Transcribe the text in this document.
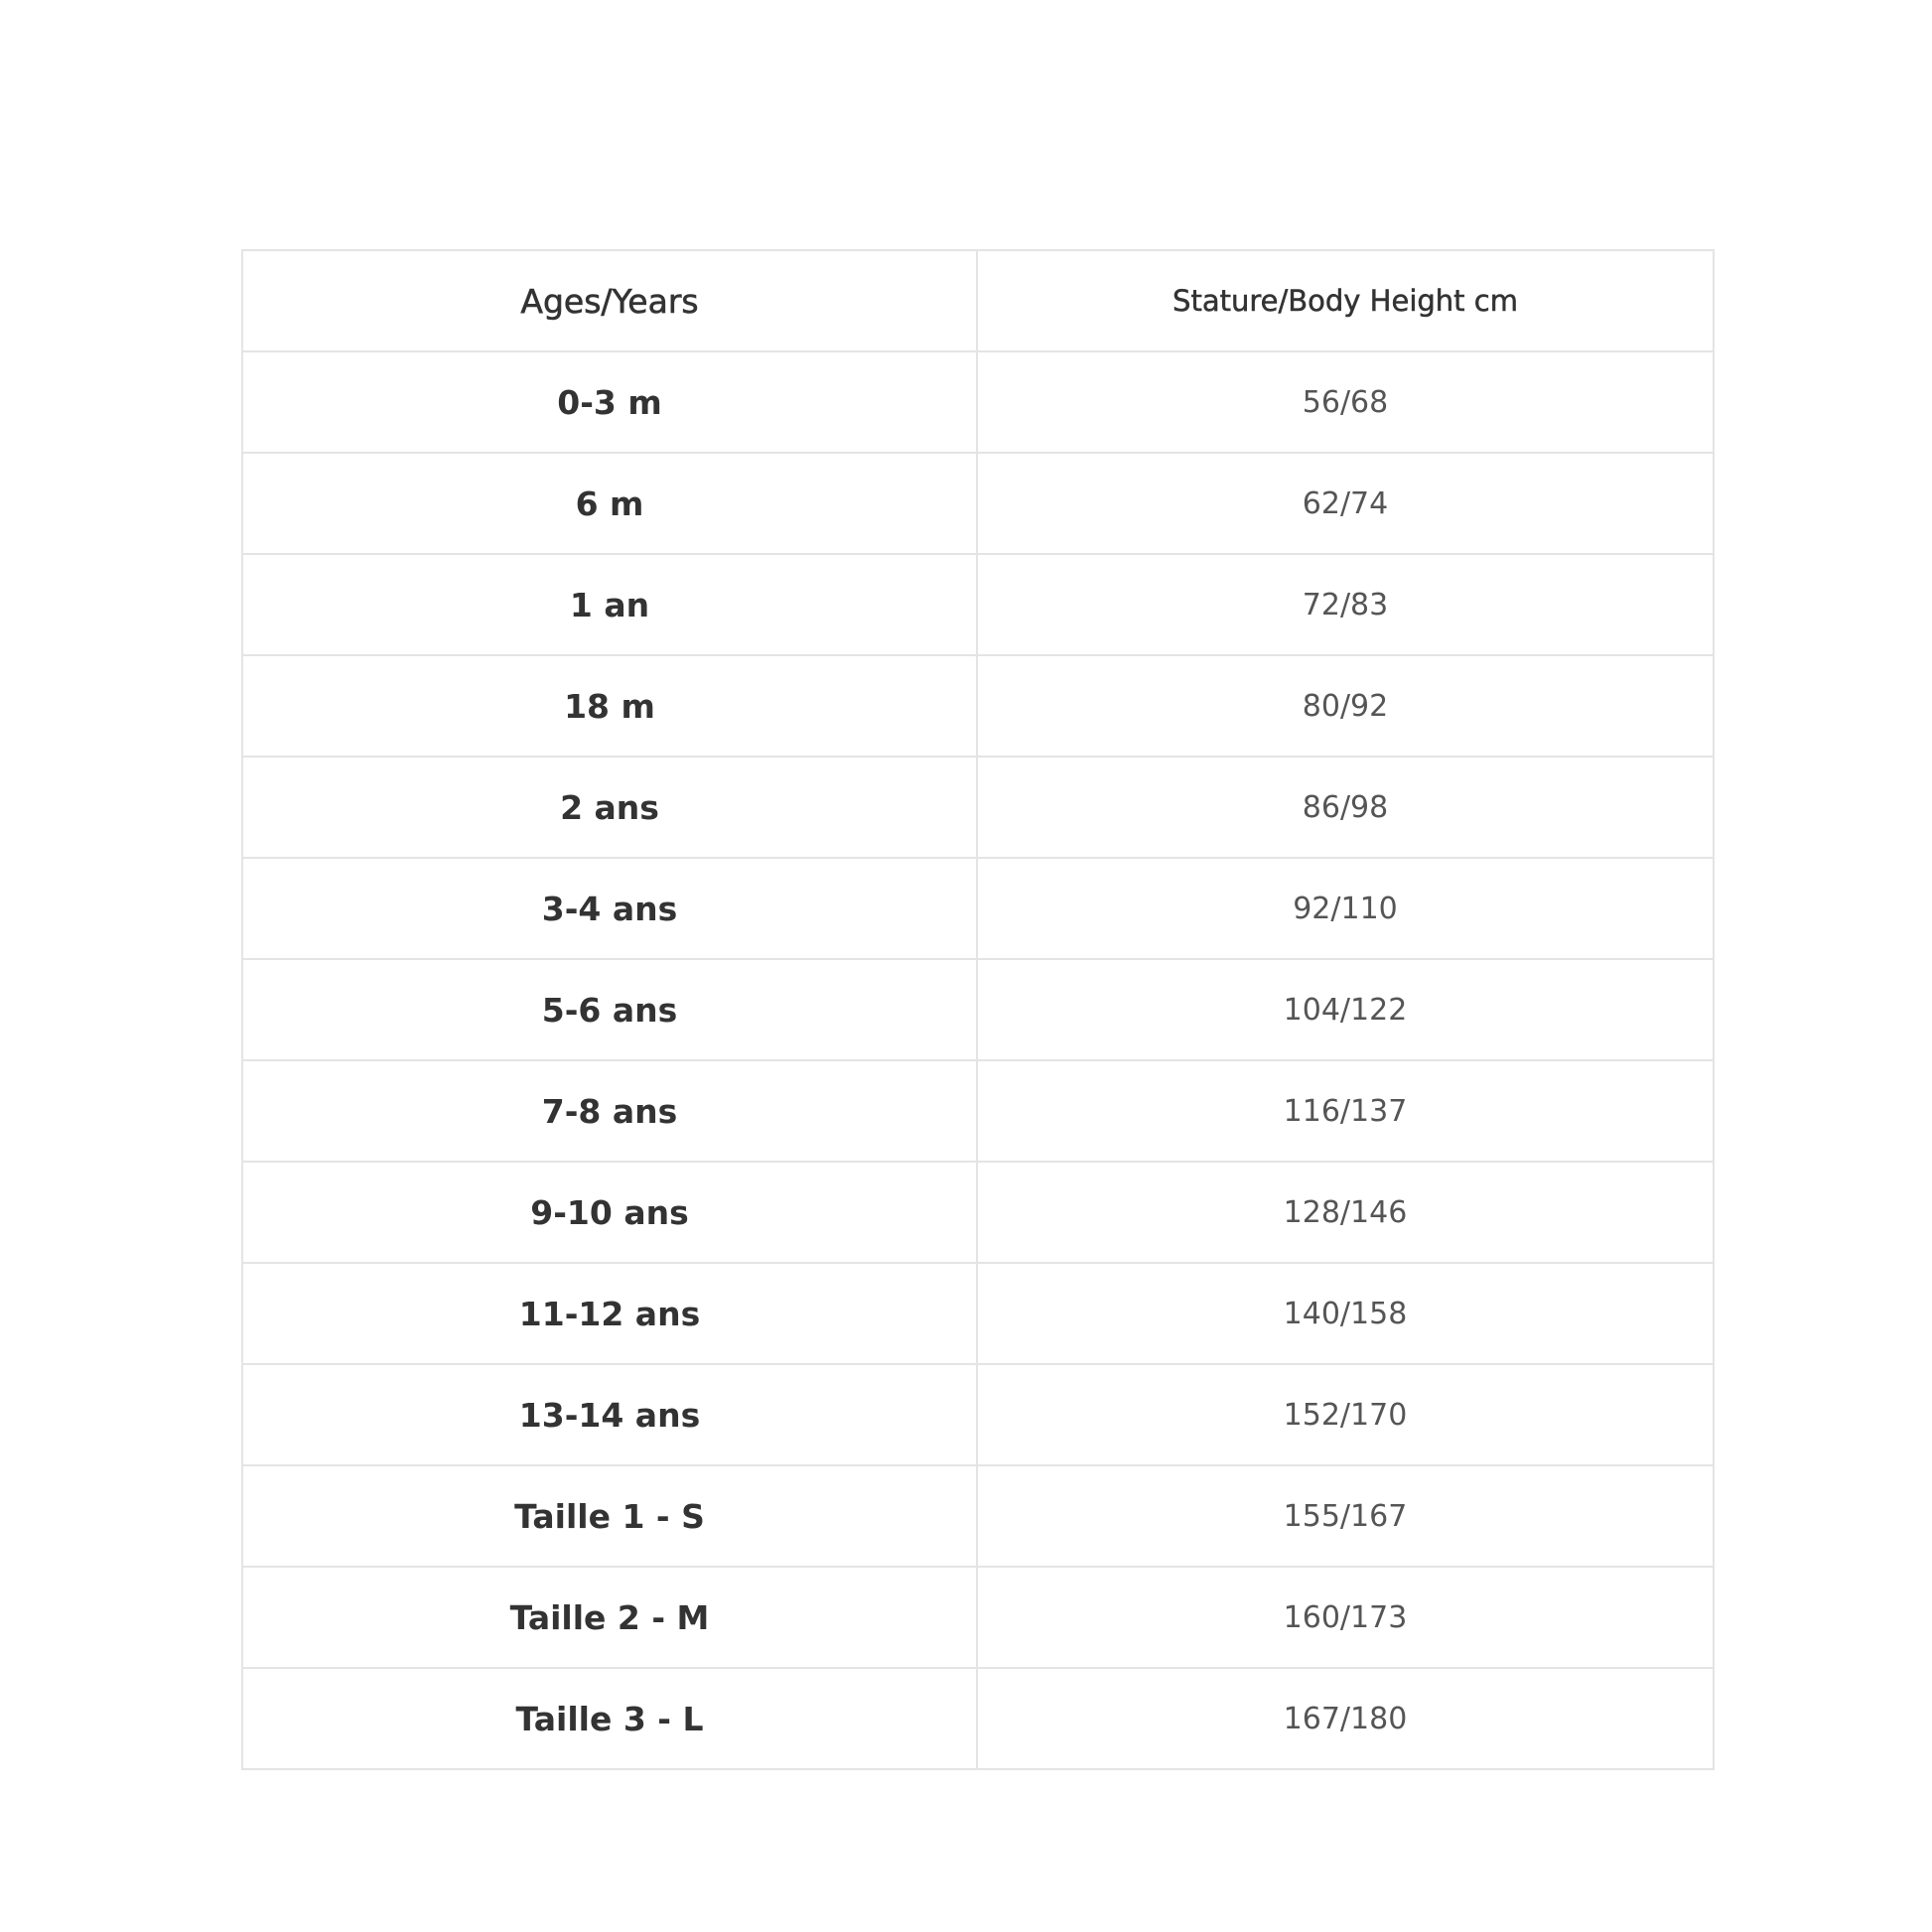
Ages/Years	Stature/Body Height cm
0-3 m	56/68
6 m	62/74
1 an	72/83
18 m	80/92
2 ans	86/98
3-4 ans	92/110
5-6 ans	104/122
7-8 ans	116/137
9-10 ans	128/146
11-12 ans	140/158
13-14 ans	152/170
Taille 1 - S	155/167
Taille 2 - M	160/173
Taille 3 - L	167/180
